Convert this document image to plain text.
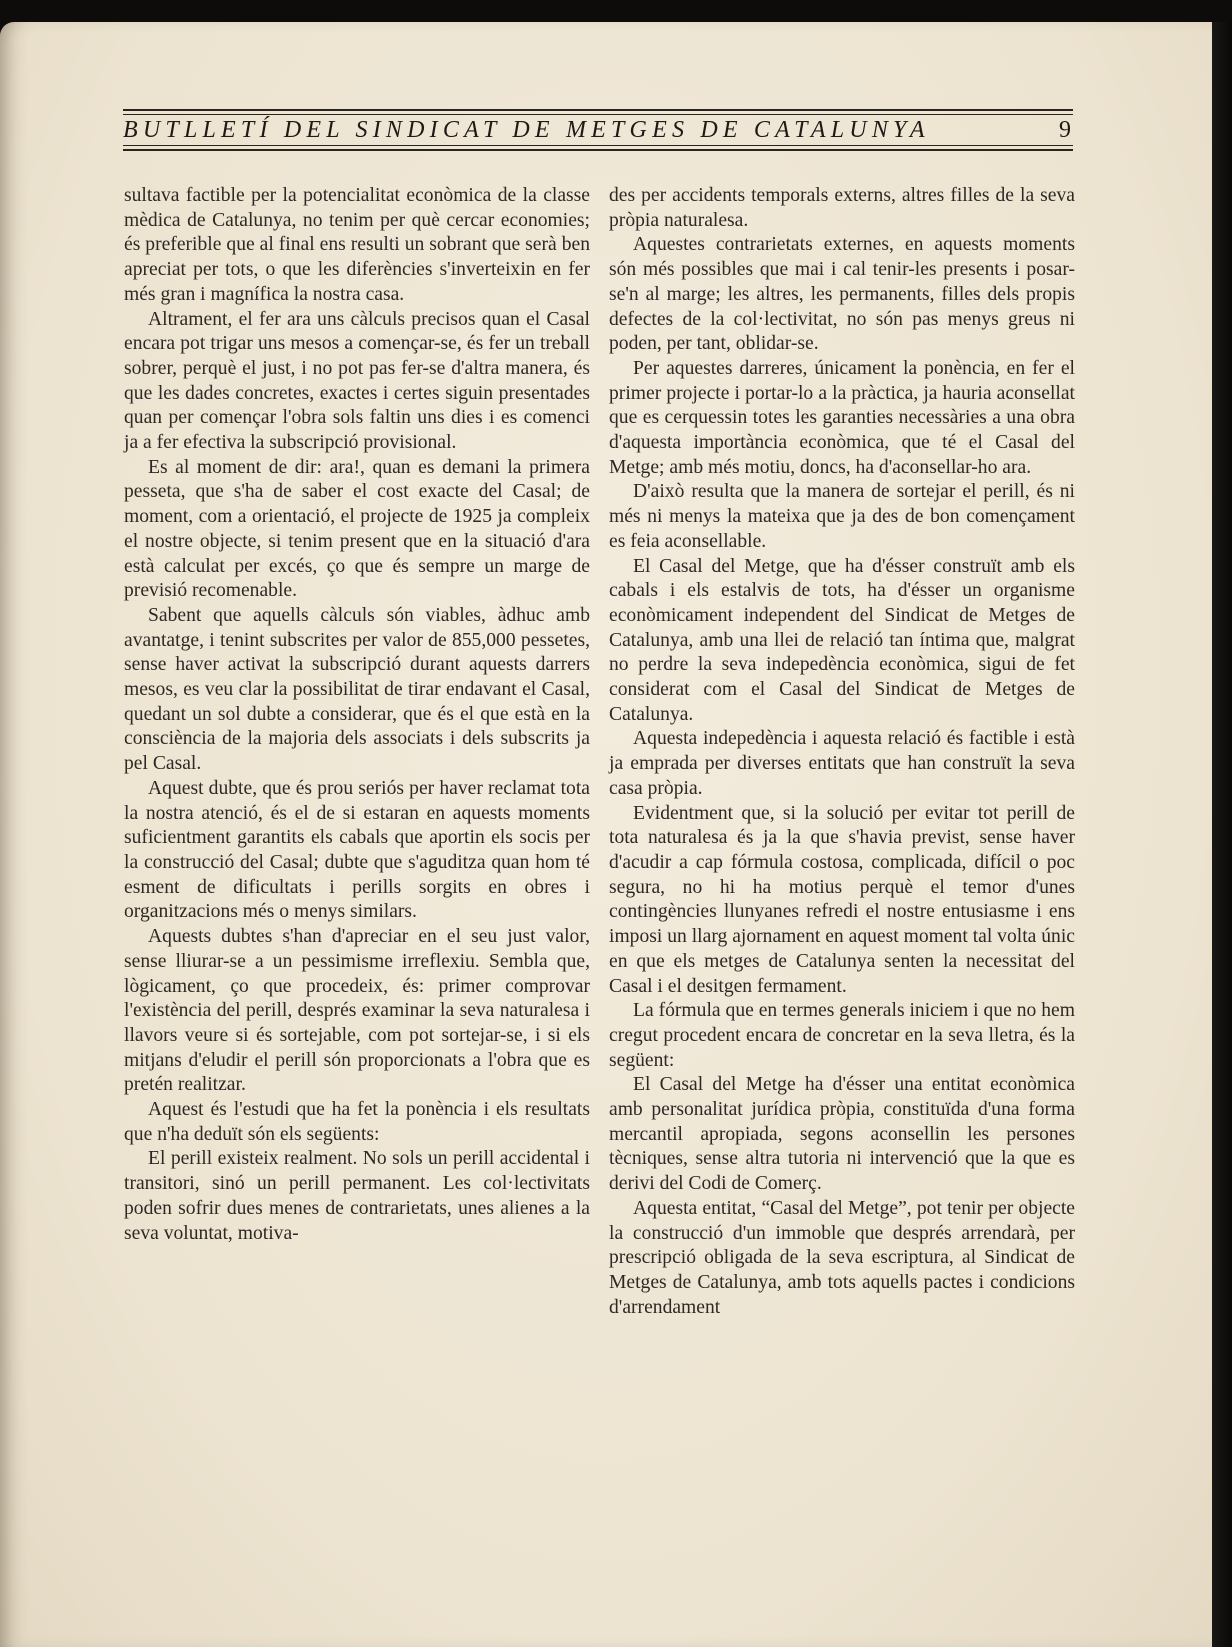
BUTLLETÍ DEL SINDICAT DE METGES DE CATALUNYA	9

sultava factible per la potencialitat econòmica de la classe mèdica de Catalunya, no tenim per què cercar economies; és preferible que al final ens resulti un sobrant que serà ben apreciat per tots, o que les diferències s'inverteixin en fer més gran i magnífica la nostra casa.

Altrament, el fer ara uns càlculs precisos quan el Casal encara pot trigar uns mesos a començar-se, és fer un treball sobrer, perquè el just, i no pot pas fer-se d'altra manera, és que les dades concretes, exactes i certes siguin presentades quan per començar l'obra sols faltin uns dies i es comenci ja a fer efectiva la subscripció provisional.

Es al moment de dir: ara!, quan es demani la primera pesseta, que s'ha de saber el cost exacte del Casal; de moment, com a orientació, el projecte de 1925 ja compleix el nostre objecte, si tenim present que en la situació d'ara està calculat per excés, ço que és sempre un marge de previsió recomenable.

Sabent que aquells càlculs són viables, àdhuc amb avantatge, i tenint subscrites per valor de 855,000 pessetes, sense haver activat la subscripció durant aquests darrers mesos, es veu clar la possibilitat de tirar endavant el Casal, quedant un sol dubte a considerar, que és el que està en la consciència de la majoria dels associats i dels subscrits ja pel Casal.

Aquest dubte, que és prou seriós per haver reclamat tota la nostra atenció, és el de si estaran en aquests moments suficientment garantits els cabals que aportin els socis per la construcció del Casal; dubte que s'aguditza quan hom té esment de dificultats i perills sorgits en obres i organitzacions més o menys similars.

Aquests dubtes s'han d'apreciar en el seu just valor, sense lliurar-se a un pessimisme irreflexiu. Sembla que, lògicament, ço que procedeix, és: primer comprovar l'existència del perill, després examinar la seva naturalesa i llavors veure si és sortejable, com pot sortejar-se, i si els mitjans d'eludir el perill són proporcionats a l'obra que es pretén realitzar.

Aquest és l'estudi que ha fet la ponència i els resultats que n'ha deduït són els següents:

El perill existeix realment. No sols un perill accidental i transitori, sinó un perill permanent. Les col·lectivitats poden sofrir dues menes de contrarietats, unes alienes a la seva voluntat, motiva-

des per accidents temporals externs, altres filles de la seva pròpia naturalesa.

Aquestes contrarietats externes, en aquests moments són més possibles que mai i cal tenir-les presents i posar-se'n al marge; les altres, les permanents, filles dels propis defectes de la col·lectivitat, no són pas menys greus ni poden, per tant, oblidar-se.

Per aquestes darreres, únicament la ponència, en fer el primer projecte i portar-lo a la pràctica, ja hauria aconsellat que es cerquessin totes les garanties necessàries a una obra d'aquesta importància econòmica, que té el Casal del Metge; amb més motiu, doncs, ha d'aconsellar-ho ara.

D'això resulta que la manera de sortejar el perill, és ni més ni menys la mateixa que ja des de bon començament es feia aconsellable.

El Casal del Metge, que ha d'ésser construït amb els cabals i els estalvis de tots, ha d'ésser un organisme econòmicament independent del Sindicat de Metges de Catalunya, amb una llei de relació tan íntima que, malgrat no perdre la seva indepedència econòmica, sigui de fet considerat com el Casal del Sindicat de Metges de Catalunya.

Aquesta indepedència i aquesta relació és factible i està ja emprada per diverses entitats que han construït la seva casa pròpia.

Evidentment que, si la solució per evitar tot perill de tota naturalesa és ja la que s'havia previst, sense haver d'acudir a cap fórmula costosa, complicada, difícil o poc segura, no hi ha motius perquè el temor d'unes contingències llunyanes refredi el nostre entusiasme i ens imposi un llarg ajornament en aquest moment tal volta únic en que els metges de Catalunya senten la necessitat del Casal i el desitgen fermament.

La fórmula que en termes generals iniciem i que no hem cregut procedent encara de concretar en la seva lletra, és la següent:

El Casal del Metge ha d'ésser una entitat econòmica amb personalitat jurídica pròpia, constituïda d'una forma mercantil apropiada, segons aconsellin les persones tècniques, sense altra tutoria ni intervenció que la que es derivi del Codi de Comerç.

Aquesta entitat, “Casal del Metge”, pot tenir per objecte la construcció d'un immoble que després arrendarà, per prescripció obligada de la seva escriptura, al Sindicat de Metges de Catalunya, amb tots aquells pactes i condicions d'arrendament
